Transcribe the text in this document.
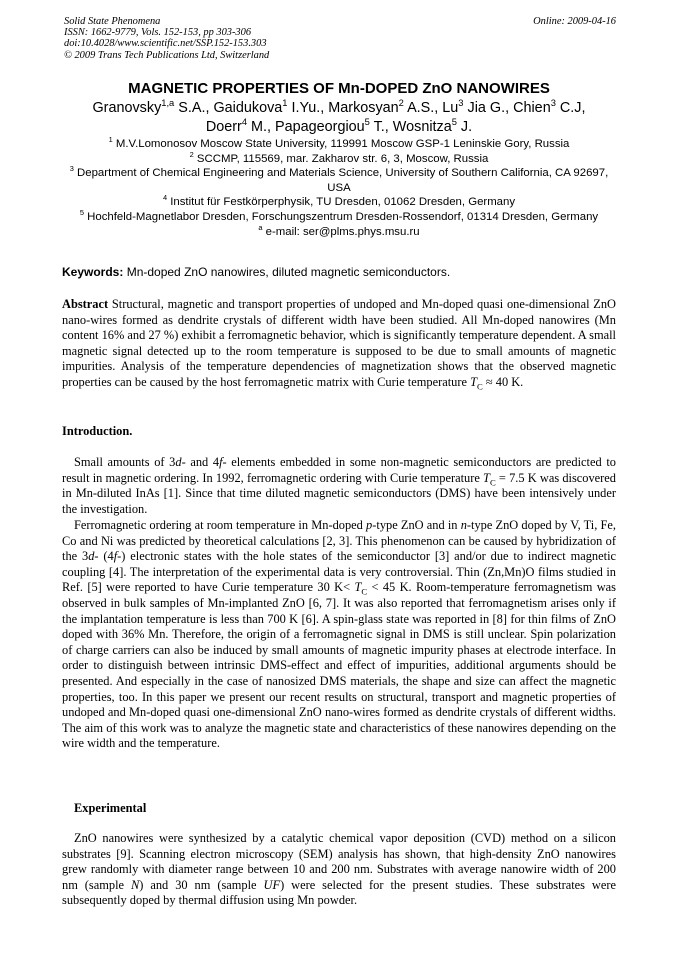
Solid State Phenomena
ISSN: 1662-9779, Vols. 152-153, pp 303-306
doi:10.4028/www.scientific.net/SSP.152-153.303
© 2009 Trans Tech Publications Ltd, Switzerland
Online: 2009-04-16
MAGNETIC PROPERTIES OF Mn-DOPED ZnO NANOWIRES
Granovsky$^{1,a}$ S.A., Gaidukova$^1$ I.Yu., Markosyan$^2$ A.S., Lu$^3$ Jia G., Chien$^3$ C.J,
Doerr$^4$ M., Papageorgiou$^5$ T., Wosnitza$^5$ J.
$^1$ M.V.Lomonosov Moscow State University, 119991 Moscow GSP-1 Leninskie Gory, Russia
$^2$ SCCMP, 115569, mar. Zakharov str. 6, 3, Moscow, Russia
$^3$ Department of Chemical Engineering and Materials Science, University of Southern California, CA 92697, USA
$^4$ Institut für Festkörperphysik, TU Dresden, 01062 Dresden, Germany
$^5$ Hochfeld-Magnetlabor Dresden, Forschungszentrum Dresden-Rossendorf, 01314 Dresden, Germany
$^a$ e-mail: ser@plms.phys.msu.ru
Keywords: Mn-doped ZnO nanowires, diluted magnetic semiconductors.
Abstract Structural, magnetic and transport properties of undoped and Mn-doped quasi one-dimensional ZnO nano-wires formed as dendrite crystals of different width have been studied. All Mn-doped nanowires (Mn content 16% and 27 %) exhibit a ferromagnetic behavior, which is significantly temperature dependent. A small magnetic signal detected up to the room temperature is supposed to be due to small amounts of magnetic impurities. Analysis of the temperature dependencies of magnetization shows that the observed magnetic properties can be caused by the host ferromagnetic matrix with Curie temperature $T_C \approx 40$ K.
Introduction.

Small amounts of 3d- and 4f- elements embedded in some non-magnetic semiconductors are predicted to result in magnetic ordering. In 1992, ferromagnetic ordering with Curie temperature $T_C = 7.5$ K was discovered in Mn-diluted InAs [1]. Since that time diluted magnetic semiconductors (DMS) have been intensively under the investigation.

Ferromagnetic ordering at room temperature in Mn-doped p-type ZnO and in n-type ZnO doped by V, Ti, Fe, Co and Ni was predicted by theoretical calculations [2, 3]. This phenomenon can be caused by hybridization of the 3d- (4f-) electronic states with the hole states of the semiconductor [3] and/or due to indirect magnetic coupling [4]. The interpretation of the experimental data is very controversial. Thin (Zn,Mn)O films studied in Ref. [5] were reported to have Curie temperature 30 $K< T_C < 45$ K. Room-temperature ferromagnetism was observed in bulk samples of Mn-implanted ZnO [6, 7]. It was also reported that ferromagnetism arises only if the implantation temperature is less than 700 K [6]. A spin-glass state was reported in [8] for thin films of ZnO doped with 36% Mn. Therefore, the origin of a ferromagnetic signal in DMS is still unclear. Spin polarization of charge carriers can also be induced by small amounts of magnetic impurity phases at electrode interface. In order to distinguish between intrinsic DMS-effect and effect of impurities, additional arguments should be presented. And especially in the case of nanosized DMS materials, the shape and size can affect the magnetic properties, too. In this paper we present our recent results on structural, transport and magnetic properties of undoped and Mn-doped quasi one-dimensional ZnO nano-wires formed as dendrite crystals of different widths. The aim of this work was to analyze the magnetic state and characteristics of these nanowires depending on the wire width and the temperature.

Experimental

ZnO nanowires were synthesized by a catalytic chemical vapor deposition (CVD) method on a silicon substrates [9]. Scanning electron microscopy (SEM) analysis has shown, that high-density ZnO nanowires grew randomly with diameter range between 10 and 200 nm. Substrates with average nanowire width of 200 nm (sample N) and 30 nm (sample UF) were selected for the present studies. These substrates were subsequently doped by thermal diffusion using Mn powder.
